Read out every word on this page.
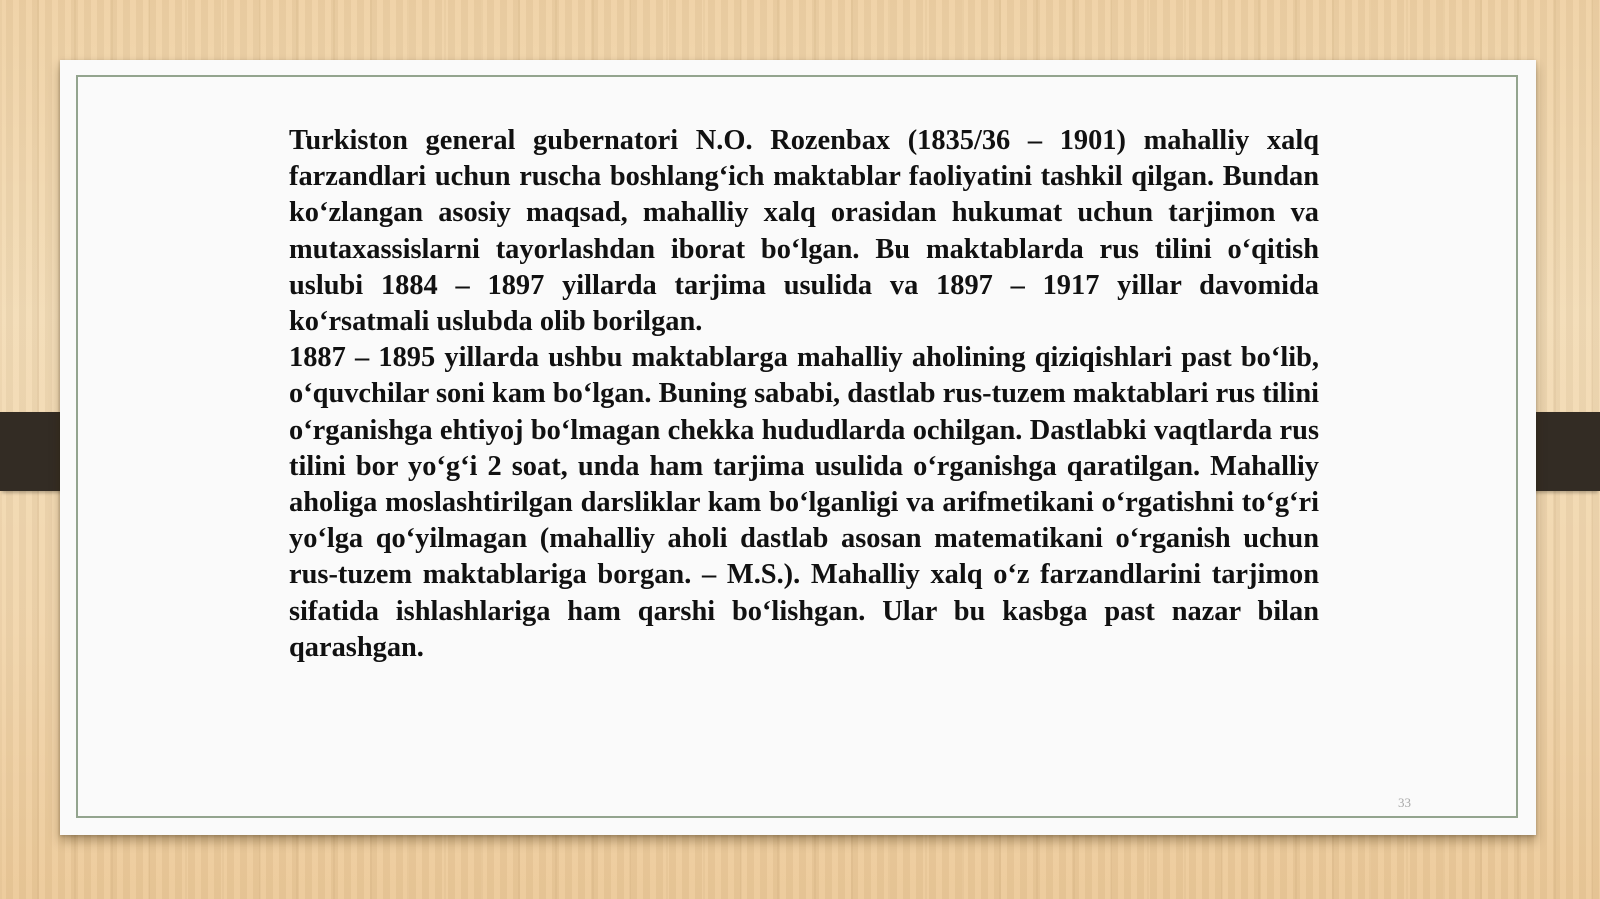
Turkiston general gubernatori N.O. Rozenbax (1835/36 – 1901) mahalliy xalq farzandlari uchun ruscha boshlang‘ich maktablar faoliyatini tashkil qilgan. Bundan ko‘zlangan asosiy maqsad, mahalliy xalq orasidan hukumat uchun tarjimon va mutaxassislarni tayorlashdan iborat bo‘lgan. Bu maktablarda rus tilini o‘qitish uslubi 1884 – 1897 yillarda tarjima usulida va 1897 – 1917 yillar davomida ko‘rsatmali uslubda olib borilgan.

1887 – 1895 yillarda ushbu maktablarga mahalliy aholining qiziqishlari past bo‘lib, o‘quvchilar soni kam bo‘lgan. Buning sababi, dastlab rus-tuzem maktablari rus tilini o‘rganishga ehtiyoj bo‘lmagan chekka hududlarda ochilgan. Dastlabki vaqtlarda rus tilini bor yo‘g‘i 2 soat, unda ham tarjima usulida o‘rganishga qaratilgan. Mahalliy aholiga moslashtirilgan darsliklar kam bo‘lganligi va arifmetikani o‘rgatishni to‘g‘ri yo‘lga qo‘yilmagan (mahalliy aholi dastlab asosan matematikani o‘rganish uchun rus-tuzem maktablariga borgan. – M.S.). Mahalliy xalq o‘z farzandlarini tarjimon sifatida ishlashlariga ham qarshi bo‘lishgan. Ular bu kasbga past nazar bilan qarashgan.

33
